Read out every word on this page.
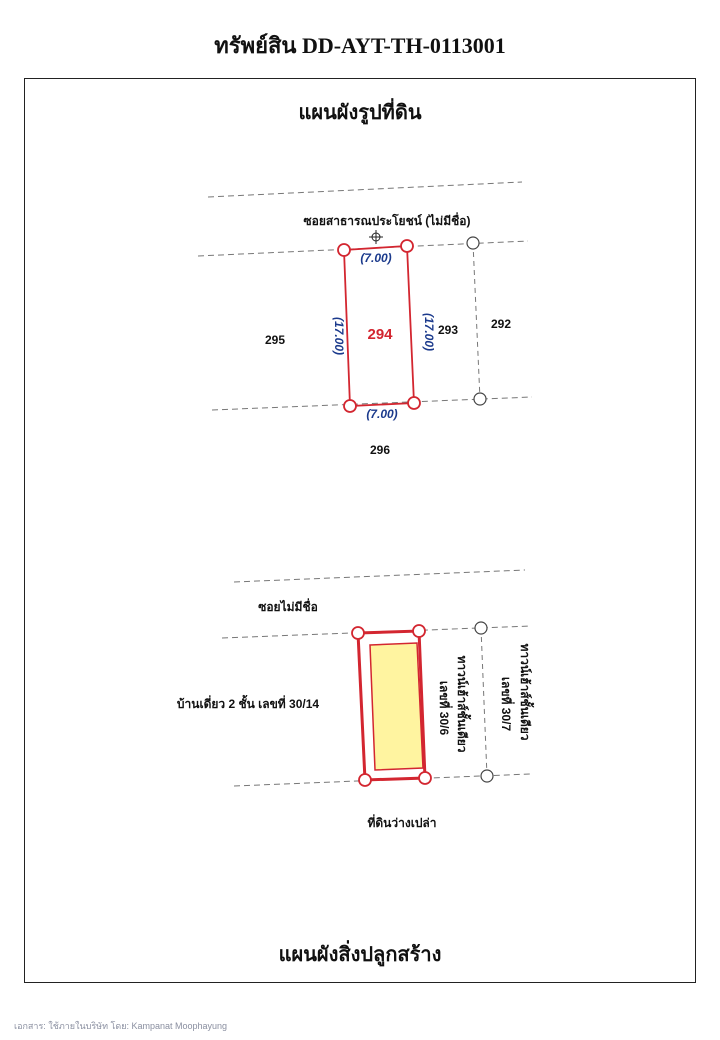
ทรัพย์สิน DD-AYT-TH-0113001
แผนผังรูปที่ดิน
แผนผังสิ่งปลูกสร้าง
ซอยสาธารณประโยชน์ (ไม่มีชื่อ)
(7.00)
(7.00)
(17.00)	(17.00)
294
295
293	292
296
ซอยไม่มีชื่อ
บ้านเดี่ยว 2 ชั้น เลขที่ 30/14	ทาวน์เฮ้าส์ชั้นเดียว
เลขที่ 30/6	ทาวน์เฮ้าส์ชั้นเดียว
เลขที่ 30/7
ที่ดินว่างเปล่า
เอกสาร: ใช้ภายในบริษัท โดย: Kampanat Moophayung
